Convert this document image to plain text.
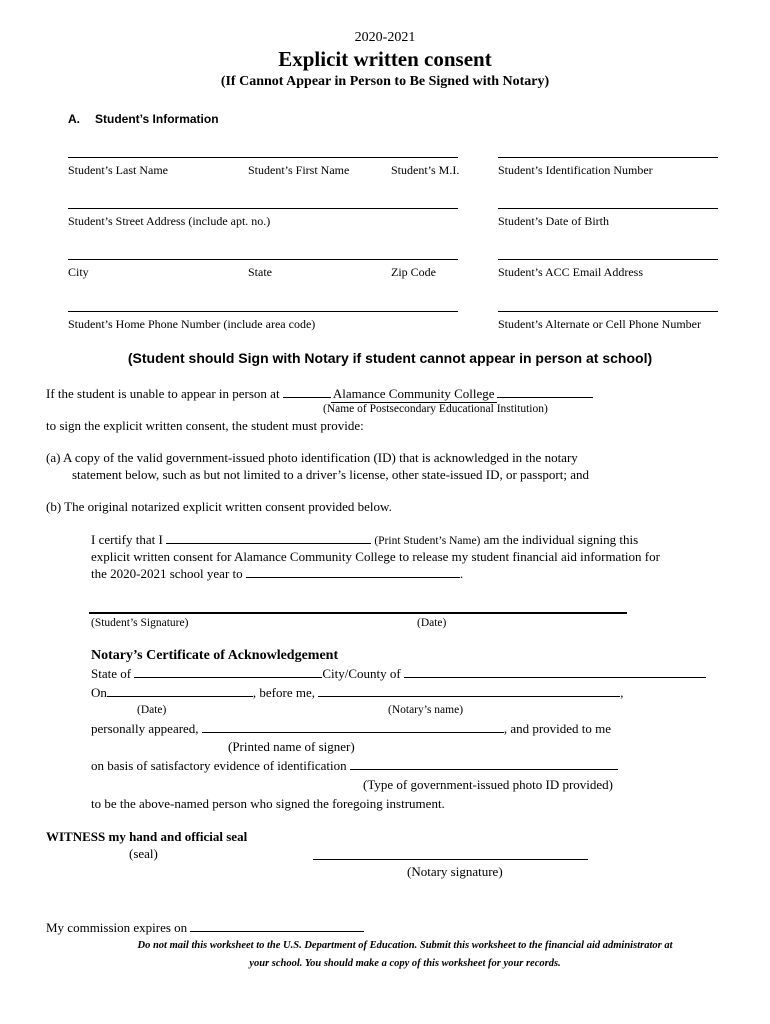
2020-2021
Explicit written consent
(If Cannot Appear in Person to Be Signed with Notary)
A. Student’s Information
Student’s Last Name	Student’s First Name	Student’s M.I.	Student’s Identification Number
Student’s Street Address (include apt. no.)	Student’s Date of Birth
City	State	Zip Code	Student’s ACC Email Address
Student’s Home Phone Number (include area code)	Student’s Alternate or Cell Phone Number
(Student should Sign with Notary if student cannot appear in person at school)
If the student is unable to appear in person at	Alamance Community College
(Name of Postsecondary Educational Institution)
to sign the explicit written consent, the student must provide:
(a) A copy of the valid government-issued photo identification (ID) that is acknowledged in the notary
statement below, such as but not limited to a driver’s license, other state-issued ID, or passport; and
(b) The original notarized explicit written consent provided below.
I certify that I	(Print Student’s Name) am the individual signing this
explicit written consent for Alamance Community College to release my student financial aid information for
the 2020-2021 school year to	.
(Student’s Signature)	(Date)
Notary’s Certificate of Acknowledgement
State of	City/County of
On	, before me,	,
(Date)	(Notary’s name)
personally appeared,	, and provided to me
(Printed name of signer)
on basis of satisfactory evidence of identification
(Type of government-issued photo ID provided)
to be the above-named person who signed the foregoing instrument.
WITNESS my hand and official seal
(seal)
(Notary signature)
My commission expires on
Do not mail this worksheet to the U.S. Department of Education. Submit this worksheet to the financial aid administrator at
your school. You should make a copy of this worksheet for your records.
